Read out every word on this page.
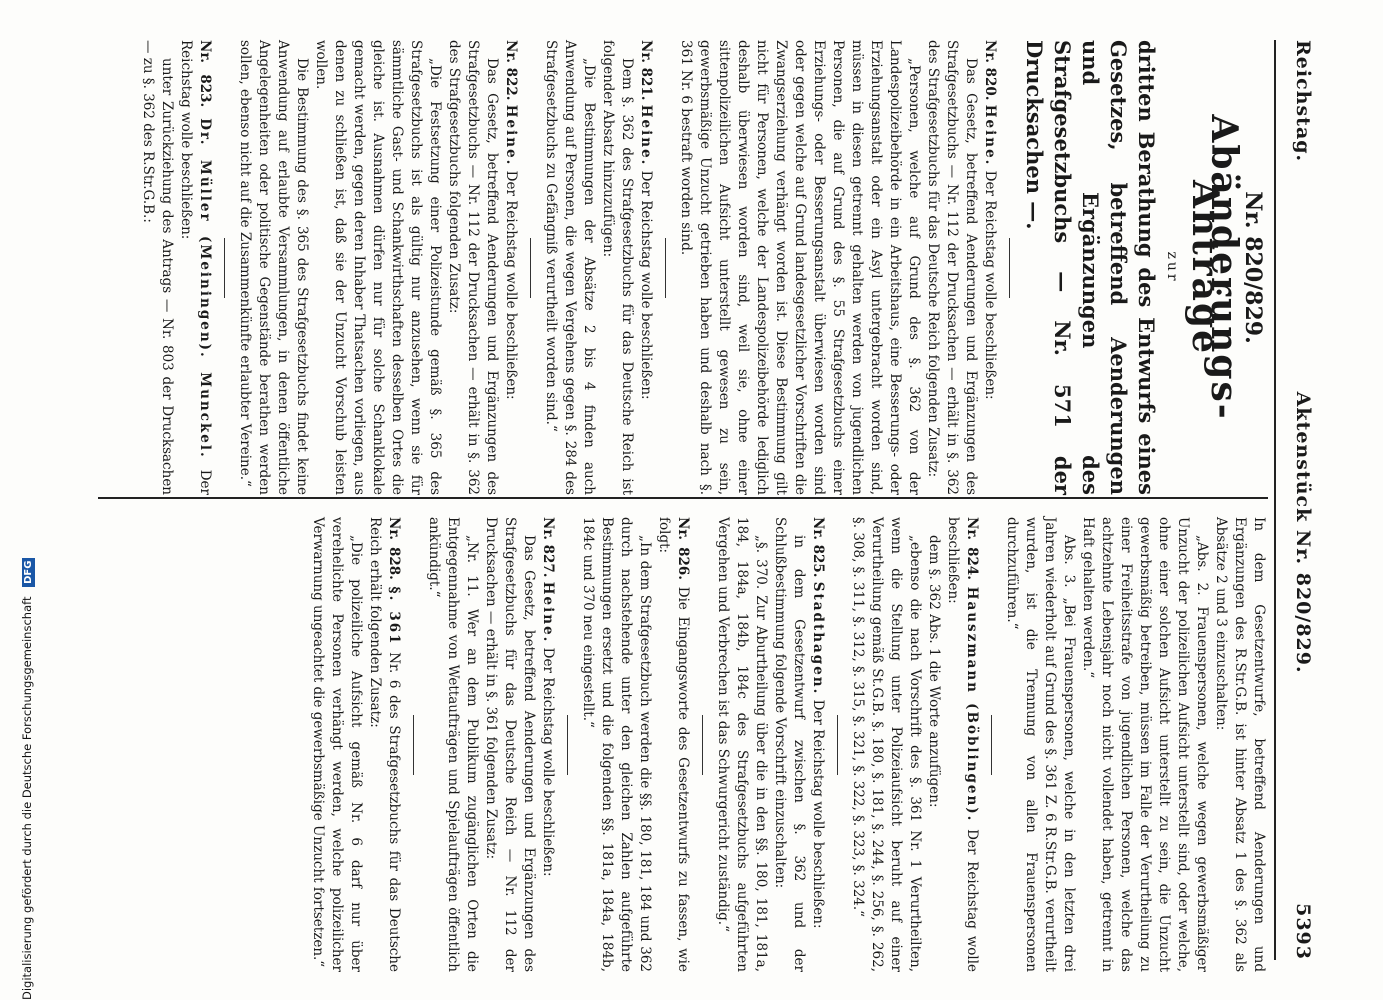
Reichstag.
Aktenstück Nr. 820/829.
5393
Nr. 820/829.
Abänderungs-Anträge
zur
dritten Berathung des Entwurfs eines Gesetzes, betreffend Aenderungen und Ergänzungen des Strafgesetzbuchs — Nr. 571 der Drucksachen —.

Nr. 820. Heine. Der Reichstag wolle beschließen:

Das Gesetz, betreffend Aenderungen und Ergänzungen des Strafgesetzbuchs — Nr. 112 der Drucksachen — erhält in §. 362 des Strafgesetzbuchs für das Deutsche Reich folgenden Zusatz:

„Personen, welche auf Grund des §. 362 von der Landespolizeibehörde in ein Arbeitshaus, eine Besserungs- oder Erziehungsanstalt oder ein Asyl untergebracht worden sind, müssen in diesen getrennt gehalten werden von jugendlichen Personen, die auf Grund des §. 55 Strafgesetzbuchs einer Erziehungs- oder Besserungsanstalt überwiesen worden sind oder gegen welche auf Grund landesgesetzlicher Vorschriften die Zwangserziehung verhängt worden ist. Diese Bestimmung gilt nicht für Personen, welche der Landespolizeibehörde lediglich deshalb überwiesen worden sind, weil sie, ohne einer sittenpolizeilichen Aufsicht unterstellt gewesen zu sein, gewerbsmäßige Unzucht getrieben haben und deshalb nach §. 361 Nr. 6 bestraft worden sind.

Nr. 821. Heine. Der Reichstag wolle beschließen:

Dem §. 362 des Strafgesetzbuchs für das Deutsche Reich ist folgender Absatz hinzuzufügen:

„Die Bestimmungen der Absätze 2 bis 4 finden auch Anwendung auf Personen, die wegen Vergehens gegen §. 284 des Strafgesetzbuchs zu Gefängniß verurtheilt worden sind.“

Nr. 822. Heine. Der Reichstag wolle beschließen:

Das Gesetz, betreffend Aenderungen und Ergänzungen des Strafgesetzbuchs — Nr. 112 der Drucksachen — erhält in §. 362 des Strafgesetzbuchs folgenden Zusatz:

„Die Festsetzung einer Polizeistunde gemäß §. 365 des Strafgesetzbuchs ist als gültig nur anzusehen, wenn sie für sämmtliche Gast- und Schankwirthschaften desselben Ortes die gleiche ist. Ausnahmen dürfen nur für solche Schanklokale gemacht werden, gegen deren Inhaber Thatsachen vorliegen, aus denen zu schließen ist, daß sie der Unzucht Vorschub leisten wollen.

Die Bestimmung des §. 365 des Strafgesetzbuchs findet keine Anwendung auf erlaubte Versammlungen, in denen öffentliche Angelegenheiten oder politische Gegenstände berathen werden sollen, ebenso nicht auf die Zusammenkünfte erlaubter Vereine.“

Nr. 823. Dr. Müller (Meiningen). Munckel. Der Reichstag wolle beschließen:

unter Zurückziehung des Antrags — Nr. 803 der Drucksachen — zu §. 362 des R.Str.G.B.:

In dem Gesetzentwurfe, betreffend Aenderungen und Ergänzungen des R.Str.G.B. ist hinter Absatz 1 des §. 362 als Absätze 2 und 3 einzuschalten:

„Abs. 2. Frauenspersonen, welche wegen gewerbsmäßiger Unzucht der polizeilichen Aufsicht unterstellt sind, oder welche, ohne einer solchen Aufsicht unterstellt zu sein, die Unzucht gewerbsmäßig betreiben, müssen im Falle der Verurtheilung zu einer Freiheitsstrafe von jugendlichen Personen, welche das achtzehnte Lebensjahr noch nicht vollendet haben, getrennt in Haft gehalten werden.“

Abs. 3. „Bei Frauenspersonen, welche in den letzten drei Jahren wiederholt auf Grund des §. 361 Z. 6 R.Str.G.B. verurtheilt wurden, ist die Trennung von allen Frauenspersonen durchzuführen.“

Nr. 824. Hauszmann (Böblingen). Der Reichstag wolle beschließen:

dem §. 362 Abs. 1 die Worte anzufügen:

„ebenso die nach Vorschrift des §. 361 Nr. 1 Verurtheilten, wenn die Stellung unter Polizeiaufsicht beruht auf einer Verurtheilung gemäß St.G.B. §. 180, §. 181, §. 244, §. 256, §. 262, §. 308, §. 311, §. 312, §. 315, §. 321, §. 322, §. 323, §. 324.“

Nr. 825. Stadthagen. Der Reichstag wolle beschließen:

in dem Gesetzentwurf zwischen §. 362 und der Schlußbestimmung folgende Vorschrift einzuschalten:

„§. 370. Zur Aburtheilung über die in den §§. 180, 181, 181a, 184, 184a, 184b, 184c des Strafgesetzbuchs aufgeführten Vergehen und Verbrechen ist das Schwurgericht zuständig.“

Nr. 826. Die Eingangsworte des Gesetzentwurfs zu fassen, wie folgt:

„In dem Strafgesetzbuch werden die §§. 180, 181, 184 und 362 durch nachstehende unter den gleichen Zahlen aufgeführte Bestimmungen ersetzt und die folgenden §§. 181a, 184a, 184b, 184c und 370 neu eingestellt.“

Nr. 827. Heine. Der Reichstag wolle beschließen:

Das Gesetz, betreffend Aenderungen und Ergänzungen des Strafgesetzbuchs für das Deutsche Reich — Nr. 112 der Drucksachen — erhält in §. 361 folgenden Zusatz:

„Nr. 11. Wer an dem Publikum zugänglichen Orten die Entgegennahme von Wettaufträgen und Spielaufträgen öffentlich ankündigt.“

Nr. 828. §. 361 Nr. 6 des Strafgesetzbuchs für das Deutsche Reich erhält folgenden Zusatz:

„Die polizeiliche Aufsicht gemäß Nr. 6 darf nur über verehelichte Personen verhängt werden, welche polizeilicher Verwarnung ungeachtet die gewerbsmäßige Unzucht fortsetzen.“

Digitalisierung gefördert durch die Deutsche Forschungsgemeinschaft DFG
